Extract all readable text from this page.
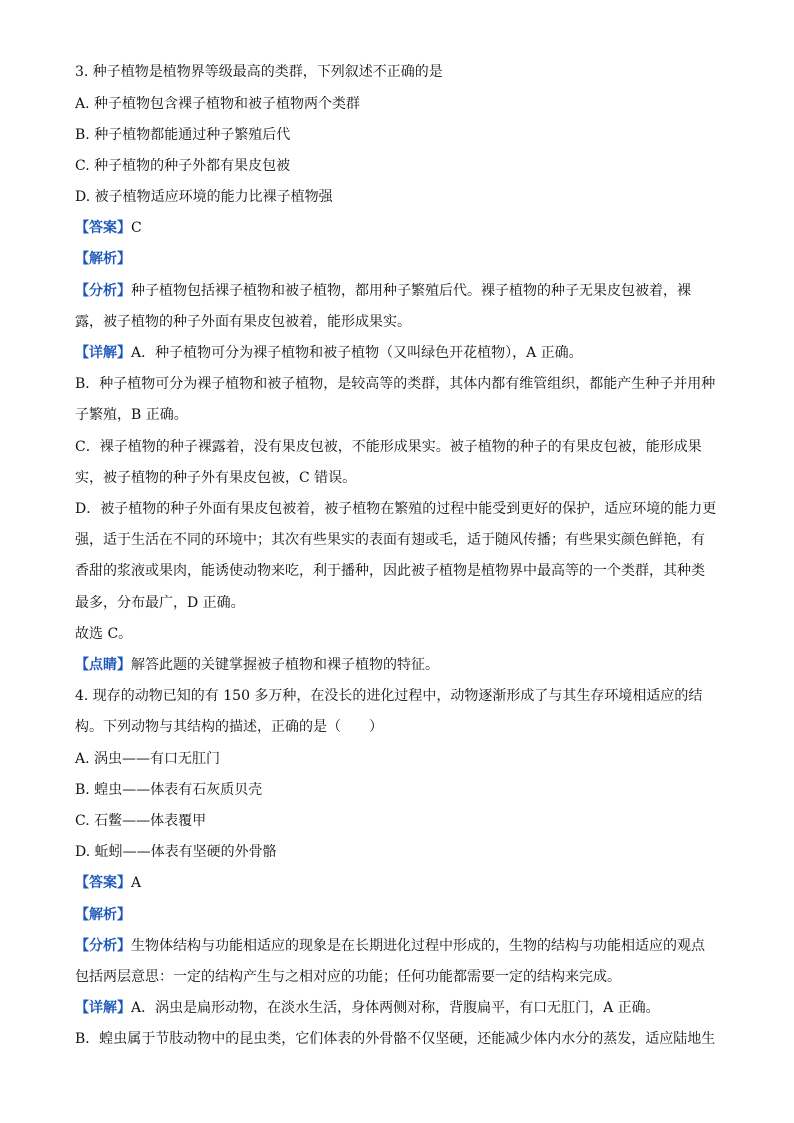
3. 种子植物是植物界等级最高的类群，下列叙述不正确的是
A. 种子植物包含裸子植物和被子植物两个类群
B. 种子植物都能通过种子繁殖后代
C. 种子植物的种子外都有果皮包被
D. 被子植物适应环境的能力比裸子植物强
【答案】C
【解析】
【分析】种子植物包括裸子植物和被子植物，都用种子繁殖后代。裸子植物的种子无果皮包被着，裸
露，被子植物的种子外面有果皮包被着，能形成果实。
【详解】A．种子植物可分为裸子植物和被子植物（又叫绿色开花植物），A 正确。
B．种子植物可分为裸子植物和被子植物，是较高等的类群，其体内都有维管组织，都能产生种子并用种
子繁殖，B 正确。
C．裸子植物的种子裸露着，没有果皮包被，不能形成果实。被子植物的种子的有果皮包被，能形成果
实，被子植物的种子外有果皮包被，C 错误。
D．被子植物的种子外面有果皮包被着，被子植物在繁殖的过程中能受到更好的保护，适应环境的能力更
强，适于生活在不同的环境中；其次有些果实的表面有翅或毛，适于随风传播；有些果实颜色鲜艳，有
香甜的浆液或果肉，能诱使动物来吃，利于播种，因此被子植物是植物界中最高等的一个类群，其种类
最多，分布最广，D 正确。
故选 C。
【点睛】解答此题的关键掌握被子植物和裸子植物的特征。
4. 现存的动物已知的有 150 多万种，在没长的进化过程中，动物逐渐形成了与其生存环境相适应的结
构。下列动物与其结构的描述，正确的是（　　）
A. 涡虫——有口无肛门
B. 蝗虫——体表有石灰质贝壳
C. 石鳖——体表覆甲
D. 蚯蚓——体表有坚硬的外骨骼
【答案】A
【解析】
【分析】生物体结构与功能相适应的现象是在长期进化过程中形成的，生物的结构与功能相适应的观点
包括两层意思：一定的结构产生与之相对应的功能；任何功能都需要一定的结构来完成。
【详解】A．涡虫是扁形动物，在淡水生活，身体两侧对称，背腹扁平，有口无肛门，A 正确。
B．蝗虫属于节肢动物中的昆虫类，它们体表的外骨骼不仅坚硬，还能减少体内水分的蒸发，适应陆地生
